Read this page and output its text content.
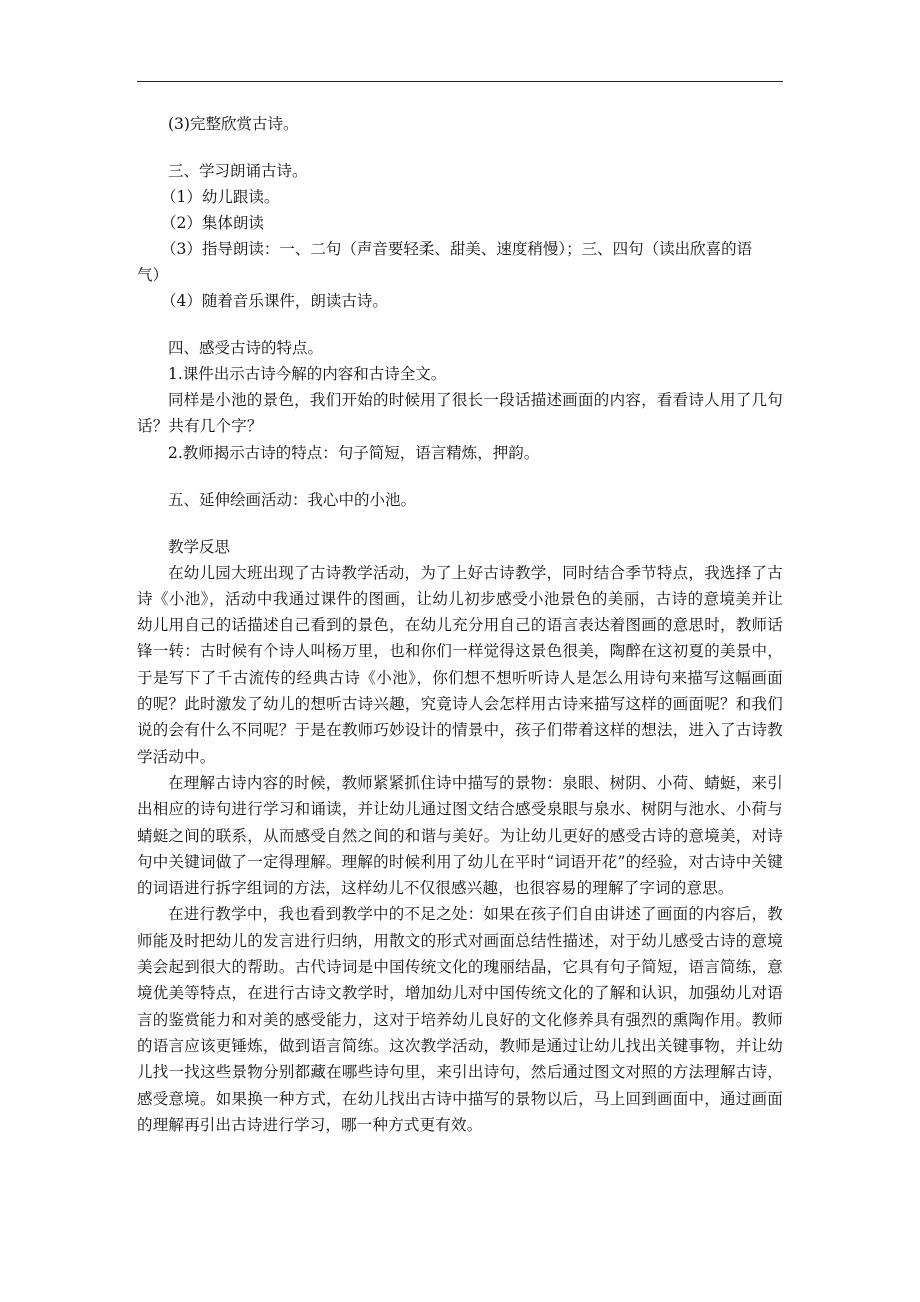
(3)完整欣赏古诗。
三、学习朗诵古诗。
（1）幼儿跟读。
（2）集体朗读
（3）指导朗读：一、二句（声音要轻柔、甜美、速度稍慢）；三、四句（读出欣喜的语
气）
（4）随着音乐课件，朗读古诗。
四、感受古诗的特点。
1.课件出示古诗今解的内容和古诗全文。

同样是小池的景色，我们开始的时候用了很长一段话描述画面的内容，看看诗人用了几句话？共有几个字？

2.教师揭示古诗的特点：句子简短，语言精炼，押韵。
五、延伸绘画活动：我心中的小池。
教学反思

在幼儿园大班出现了古诗教学活动，为了上好古诗教学，同时结合季节特点，我选择了古诗《小池》，活动中我通过课件的图画，让幼儿初步感受小池景色的美丽，古诗的意境美并让幼儿用自己的话描述自己看到的景色，在幼儿充分用自己的语言表达着图画的意思时，教师话锋一转：古时候有个诗人叫杨万里，也和你们一样觉得这景色很美，陶醉在这初夏的美景中，于是写下了千古流传的经典古诗《小池》，你们想不想听听诗人是怎么用诗句来描写这幅画面的呢？此时激发了幼儿的想听古诗兴趣，究竟诗人会怎样用古诗来描写这样的画面呢？和我们说的会有什么不同呢？于是在教师巧妙设计的情景中，孩子们带着这样的想法，进入了古诗教学活动中。

在理解古诗内容的时候，教师紧紧抓住诗中描写的景物：泉眼、树阴、小荷、蜻蜓，来引出相应的诗句进行学习和诵读，并让幼儿通过图文结合感受泉眼与泉水、树阴与池水、小荷与蜻蜓之间的联系，从而感受自然之间的和谐与美好。为让幼儿更好的感受古诗的意境美，对诗句中关键词做了一定得理解。理解的时候利用了幼儿在平时“词语开花”的经验，对古诗中关键的词语进行拆字组词的方法，这样幼儿不仅很感兴趣，也很容易的理解了字词的意思。

在进行教学中，我也看到教学中的不足之处：如果在孩子们自由讲述了画面的内容后，教师能及时把幼儿的发言进行归纳，用散文的形式对画面总结性描述，对于幼儿感受古诗的意境美会起到很大的帮助。古代诗词是中国传统文化的瑰丽结晶，它具有句子简短，语言简练，意境优美等特点，在进行古诗文教学时，增加幼儿对中国传统文化的了解和认识，加强幼儿对语言的鉴赏能力和对美的感受能力，这对于培养幼儿良好的文化修养具有强烈的熏陶作用。教师的语言应该更锤炼，做到语言简练。这次教学活动，教师是通过让幼儿找出关键事物，并让幼儿找一找这些景物分别都藏在哪些诗句里，来引出诗句，然后通过图文对照的方法理解古诗，感受意境。如果换一种方式，在幼儿找出古诗中描写的景物以后，马上回到画面中，通过画面的理解再引出古诗进行学习，哪一种方式更有效。
